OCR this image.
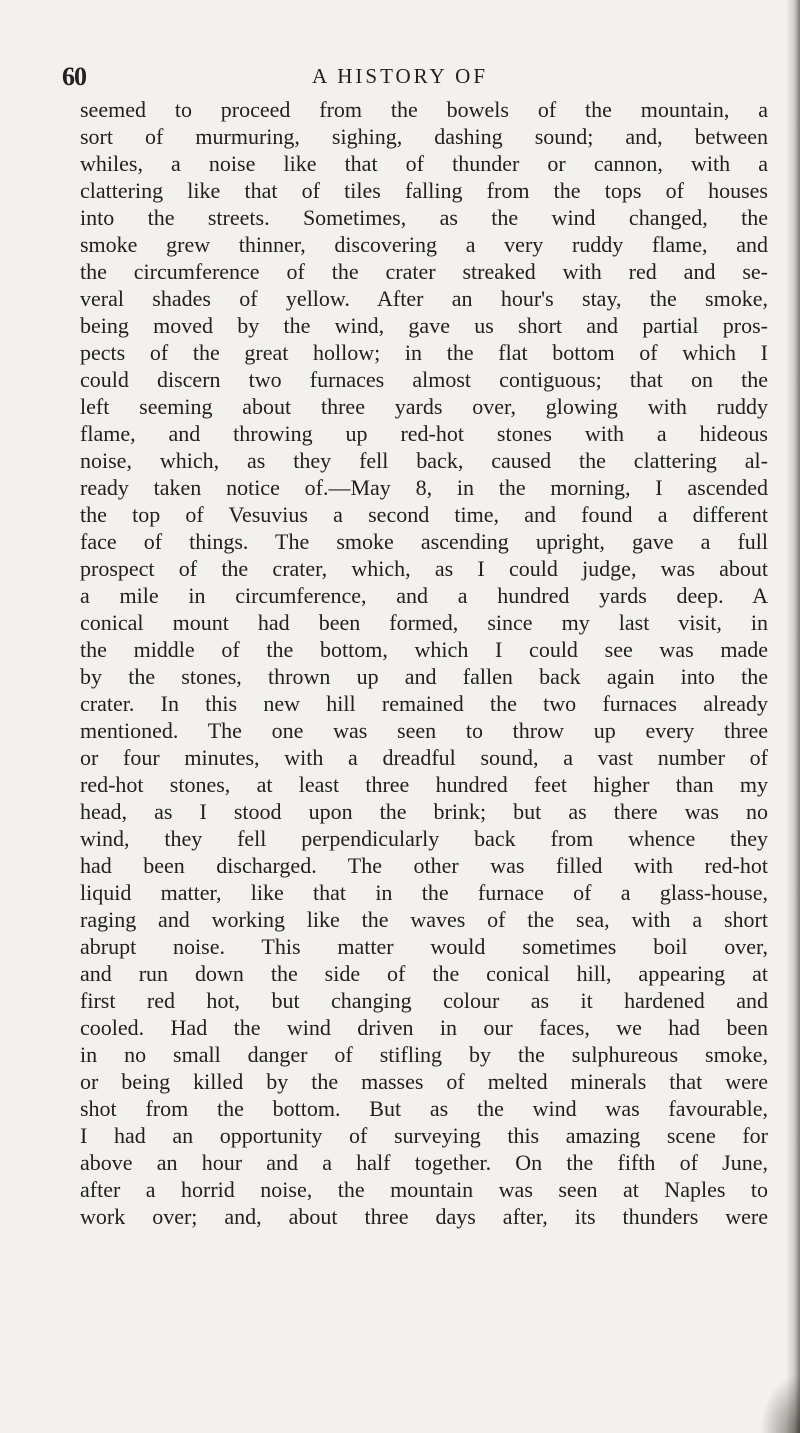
60	A HISTORY OF

seemed to proceed from the bowels of the mountain, a

sort of murmuring, sighing, dashing sound; and, between

whiles, a noise like that of thunder or cannon, with a

clattering like that of tiles falling from the tops of houses

into the streets. Sometimes, as the wind changed, the

smoke grew thinner, discovering a very ruddy flame, and

the circumference of the crater streaked with red and se-

veral shades of yellow. After an hour's stay, the smoke,

being moved by the wind, gave us short and partial pros-

pects of the great hollow; in the flat bottom of which I

could discern two furnaces almost contiguous; that on the

left seeming about three yards over, glowing with ruddy

flame, and throwing up red-hot stones with a hideous

noise, which, as they fell back, caused the clattering al-

ready taken notice of.—May 8, in the morning, I ascended

the top of Vesuvius a second time, and found a different

face of things. The smoke ascending upright, gave a full

prospect of the crater, which, as I could judge, was about

a mile in circumference, and a hundred yards deep. A

conical mount had been formed, since my last visit, in

the middle of the bottom, which I could see was made

by the stones, thrown up and fallen back again into the

crater. In this new hill remained the two furnaces already

mentioned. The one was seen to throw up every three

or four minutes, with a dreadful sound, a vast number of

red-hot stones, at least three hundred feet higher than my

head, as I stood upon the brink; but as there was no

wind, they fell perpendicularly back from whence they

had been discharged. The other was filled with red-hot

liquid matter, like that in the furnace of a glass-house,

raging and working like the waves of the sea, with a short

abrupt noise. This matter would sometimes boil over,

and run down the side of the conical hill, appearing at

first red hot, but changing colour as it hardened and

cooled. Had the wind driven in our faces, we had been

in no small danger of stifling by the sulphureous smoke,

or being killed by the masses of melted minerals that were

shot from the bottom. But as the wind was favourable,

I had an opportunity of surveying this amazing scene for

above an hour and a half together. On the fifth of June,

after a horrid noise, the mountain was seen at Naples to

work over; and, about three days after, its thunders were
